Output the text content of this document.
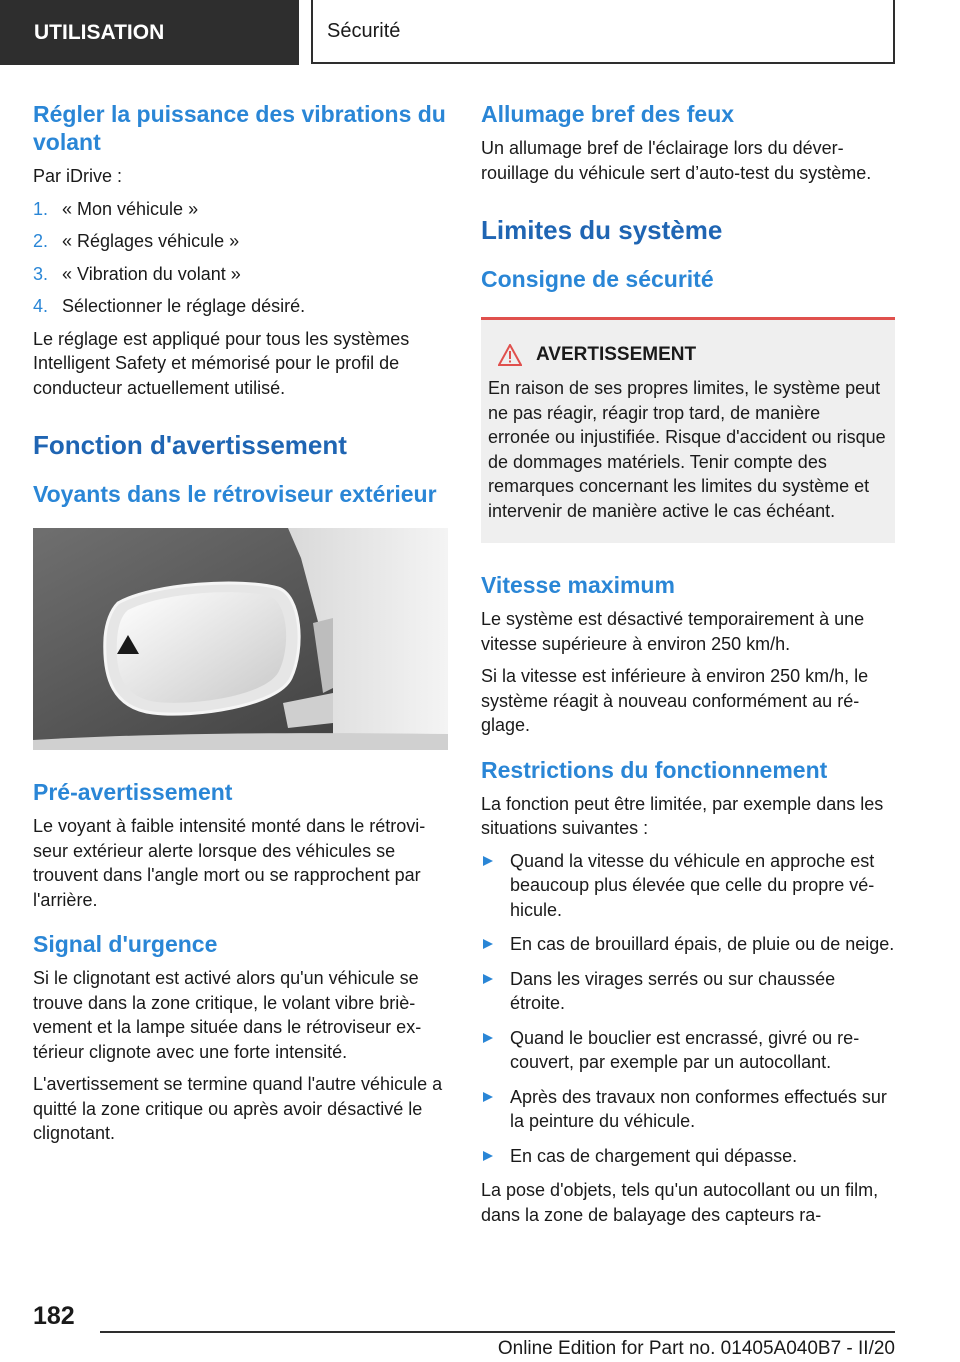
UTILISATION	Sécurité
Régler la puissance des vibrations du volant

Par iDrive :

1. « Mon véhicule »
2. « Réglages véhicule »
3. « Vibration du volant »
4. Sélectionner le réglage désiré.

Le réglage est appliqué pour tous les systèmes Intelligent Safety et mémorisé pour le profil de conducteur actuellement utilisé.

Fonction d'avertissement
Voyants dans le rétroviseur extérieur
Pré-avertissement

Le voyant à faible intensité monté dans le rétroviseur extérieur alerte lorsque des véhicules se trouvent dans l'angle mort ou se rapprochent par l'arrière.

Signal d'urgence

Si le clignotant est activé alors qu'un véhicule se trouve dans la zone critique, le volant vibre brièvement et la lampe située dans le rétroviseur extérieur clignote avec une forte intensité.

L'avertissement se termine quand l'autre véhicule a quitté la zone critique ou après avoir désactivé le clignotant.

Allumage bref des feux

Un allumage bref de l'éclairage lors du déverrouillage du véhicule sert d’auto-test du système.

Limites du système
Consigne de sécurité
AVERTISSEMENT

En raison de ses propres limites, le système peut ne pas réagir, réagir trop tard, de manière erronée ou injustifiée. Risque d'accident ou risque de dommages matériels. Tenir compte des remarques concernant les limites du système et intervenir de manière active le cas échéant.

Vitesse maximum

Le système est désactivé temporairement à une vitesse supérieure à environ 250 km/h.

Si la vitesse est inférieure à environ 250 km/h, le système réagit à nouveau conformément au réglage.

Restrictions du fonctionnement

La fonction peut être limitée, par exemple dans les situations suivantes :

Quand la vitesse du véhicule en approche est beaucoup plus élevée que celle du propre véhicule.
En cas de brouillard épais, de pluie ou de neige.
Dans les virages serrés ou sur chaussée étroite.
Quand le bouclier est encrassé, givré ou recouvert, par exemple par un autocollant.
Après des travaux non conformes effectués sur la peinture du véhicule.
En cas de chargement qui dépasse.

La pose d'objets, tels qu'un autocollant ou un film, dans la zone de balayage des capteurs ra-

182
Online Edition for Part no. 01405A040B7 - II/20
